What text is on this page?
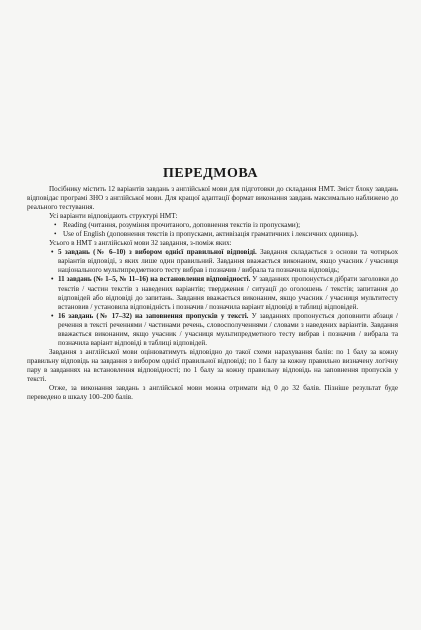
ПЕРЕДМОВА

Посібнику містить 12 варіантів завдань з англійської мови для підготовки до складання НМТ. Зміст блоку завдань відповідає програмі ЗНО з англійської мови. Для кращої адаптації формат виконання завдань максимально наближено до реального тестування.

Усі варіанти відповідають структурі НМТ:

• Reading (читання, розуміння прочитаного, доповнення текстів із пропусками);

• Use of English (доповнення текстів із пропусками, активізація граматичних і лексичних одиниць).

Усього в НМТ з англійської мови 32 завдання, з-поміж яких:

• 5 завдань (№ 6–10) з вибором однієї правильної відповіді. Завдання складається з основи та чотирьох варіантів відповіді, з яких лише один правильний. Завдання вважається виконаним, якщо учасник / учасниця національного мультипредметного тесту вибрав і позначив / вибрала та позначила відповідь;

• 11 завдань (№ 1–5, № 11–16) на встановлення відповідності. У завданнях пропонується дібрати заголовки до текстів / частин текстів з наведених варіантів; твердження / ситуації до оголошень / текстів; запитання до відповідей або відповіді до запитань. Завдання вважається виконаним, якщо учасник / учасниця мультитесту встановив / установила відповідність і позначив / позначила варіант відповіді в таблиці відповідей.

• 16 завдань (№ 17–32) на заповнення пропусків у тексті. У завданнях пропонується доповнити абзаця / речення в тексті реченнями / частинами речень, словосполученнями / словами з наведених варіантів. Завдання вважається виконаним, якщо учасник / учасниця мультипредметного тесту вибрав і позначив / вибрала та позначила варіант відповіді в таблиці відповідей.

Завдання з англійської мови оцінюватимуть відповідно до такої схеми нарахування балів: по 1 балу за кожну правильну відповідь на завдання з вибором однієї правильної відповіді; по 1 балу за кожну правильно визначену логічну пару в завданнях на встановлення відповідності; по 1 балу за кожну правильну відповідь на заповнення пропусків у тексті.

Отже, за виконання завдань з англійської мови можна отримати від 0 до 32 балів. Пізніше результат буде переведено в шкалу 100–200 балів.
